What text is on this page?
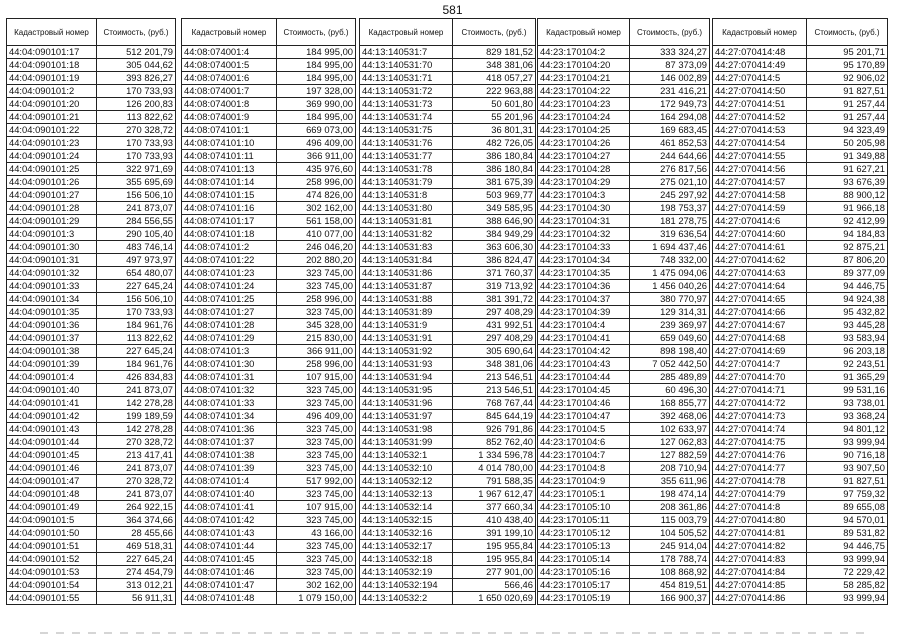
581
Кадастровый номер	Стоимость, (руб.)
44:04:090101:17	512 201,79
44:04:090101:18	305 044,62
44:04:090101:19	393 826,27
44:04:090101:2	170 733,93
44:04:090101:20	126 200,83
44:04:090101:21	113 822,62
44:04:090101:22	270 328,72
44:04:090101:23	170 733,93
44:04:090101:24	170 733,93
44:04:090101:25	322 971,69
44:04:090101:26	355 695,69
44:04:090101:27	156 506,10
44:04:090101:28	241 873,07
44:04:090101:29	284 556,55
44:04:090101:3	290 105,40
44:04:090101:30	483 746,14
44:04:090101:31	497 973,97
44:04:090101:32	654 480,07
44:04:090101:33	227 645,24
44:04:090101:34	156 506,10
44:04:090101:35	170 733,93
44:04:090101:36	184 961,76
44:04:090101:37	113 822,62
44:04:090101:38	227 645,24
44:04:090101:39	184 961,76
44:04:090101:4	426 834,83
44:04:090101:40	241 873,07
44:04:090101:41	142 278,28
44:04:090101:42	199 189,59
44:04:090101:43	142 278,28
44:04:090101:44	270 328,72
44:04:090101:45	213 417,41
44:04:090101:46	241 873,07
44:04:090101:47	270 328,72
44:04:090101:48	241 873,07
44:04:090101:49	264 922,15
44:04:090101:5	364 374,66
44:04:090101:50	28 455,66
44:04:090101:51	469 518,31
44:04:090101:52	227 645,24
44:04:090101:53	274 454,79
44:04:090101:54	313 012,21
44:04:090101:55	56 911,31
Кадастровый номер	Стоимость, (руб.)
44:08:074001:4	184 995,00
44:08:074001:5	184 995,00
44:08:074001:6	184 995,00
44:08:074001:7	197 328,00
44:08:074001:8	369 990,00
44:08:074001:9	184 995,00
44:08:074101:1	669 073,00
44:08:074101:10	496 409,00
44:08:074101:11	366 911,00
44:08:074101:13	435 976,60
44:08:074101:14	258 996,00
44:08:074101:15	474 826,00
44:08:074101:16	302 162,00
44:08:074101:17	561 158,00
44:08:074101:18	410 077,00
44:08:074101:2	246 046,20
44:08:074101:22	202 880,20
44:08:074101:23	323 745,00
44:08:074101:24	323 745,00
44:08:074101:25	258 996,00
44:08:074101:27	323 745,00
44:08:074101:28	345 328,00
44:08:074101:29	215 830,00
44:08:074101:3	366 911,00
44:08:074101:30	258 996,00
44:08:074101:31	107 915,00
44:08:074101:32	323 745,00
44:08:074101:33	323 745,00
44:08:074101:34	496 409,00
44:08:074101:36	323 745,00
44:08:074101:37	323 745,00
44:08:074101:38	323 745,00
44:08:074101:39	323 745,00
44:08:074101:4	517 992,00
44:08:074101:40	323 745,00
44:08:074101:41	107 915,00
44:08:074101:42	323 745,00
44:08:074101:43	43 166,00
44:08:074101:44	323 745,00
44:08:074101:45	323 745,00
44:08:074101:46	323 745,00
44:08:074101:47	302 162,00
44:08:074101:48	1 079 150,00
Кадастровый номер	Стоимость, (руб.)
44:13:140531:7	829 181,52
44:13:140531:70	348 381,06
44:13:140531:71	418 057,27
44:13:140531:72	222 963,88
44:13:140531:73	50 601,80
44:13:140531:74	55 201,96
44:13:140531:75	36 801,31
44:13:140531:76	482 726,05
44:13:140531:77	386 180,84
44:13:140531:78	386 180,84
44:13:140531:79	381 675,39
44:13:140531:8	503 969,77
44:13:140531:80	349 585,95
44:13:140531:81	388 646,90
44:13:140531:82	384 949,29
44:13:140531:83	363 606,30
44:13:140531:84	386 824,47
44:13:140531:86	371 760,37
44:13:140531:87	319 713,92
44:13:140531:88	381 391,72
44:13:140531:89	297 408,29
44:13:140531:9	431 992,51
44:13:140531:91	297 408,29
44:13:140531:92	305 690,64
44:13:140531:93	348 381,06
44:13:140531:94	213 546,51
44:13:140531:95	213 546,51
44:13:140531:96	768 767,44
44:13:140531:97	845 644,19
44:13:140531:98	926 791,86
44:13:140531:99	852 762,40
44:13:140532:1	1 334 596,78
44:13:140532:10	4 014 780,00
44:13:140532:12	791 588,35
44:13:140532:13	1 967 612,47
44:13:140532:14	377 660,34
44:13:140532:15	410 438,40
44:13:140532:16	391 199,10
44:13:140532:17	195 955,84
44:13:140532:18	195 955,84
44:13:140532:19	277 901,00
44:13:140532:194	566,46
44:13:140532:2	1 650 020,69
Кадастровый номер	Стоимость, (руб.)
44:23:170104:2	333 324,27
44:23:170104:20	87 373,09
44:23:170104:21	146 002,89
44:23:170104:22	231 416,21
44:23:170104:23	172 949,73
44:23:170104:24	164 294,08
44:23:170104:25	169 683,45
44:23:170104:26	461 852,53
44:23:170104:27	244 644,66
44:23:170104:28	276 817,56
44:23:170104:29	275 021,10
44:23:170104:3	245 297,92
44:23:170104:30	198 753,37
44:23:170104:31	181 278,75
44:23:170104:32	319 636,54
44:23:170104:33	1 694 437,46
44:23:170104:34	748 332,00
44:23:170104:35	1 475 094,06
44:23:170104:36	1 456 040,26
44:23:170104:37	380 770,97
44:23:170104:39	129 314,31
44:23:170104:4	239 369,97
44:23:170104:41	659 049,60
44:23:170104:42	898 198,40
44:23:170104:43	7 052 442,50
44:23:170104:44	285 489,89
44:23:170104:45	60 496,30
44:23:170104:46	168 855,77
44:23:170104:47	392 468,06
44:23:170104:5	102 633,97
44:23:170104:6	127 062,83
44:23:170104:7	127 882,59
44:23:170104:8	208 710,94
44:23:170104:9	355 611,96
44:23:170105:1	198 474,14
44:23:170105:10	208 361,86
44:23:170105:11	115 003,79
44:23:170105:12	104 505,52
44:23:170105:13	245 914,04
44:23:170105:14	178 788,74
44:23:170105:16	108 868,92
44:23:170105:17	454 819,51
44:23:170105:19	166 900,37
Кадастровый номер	Стоимость, (руб.)
44:27:070414:48	95 201,71
44:27:070414:49	95 170,89
44:27:070414:5	92 906,02
44:27:070414:50	91 827,51
44:27:070414:51	91 257,44
44:27:070414:52	91 257,44
44:27:070414:53	94 323,49
44:27:070414:54	50 205,98
44:27:070414:55	91 349,88
44:27:070414:56	91 627,21
44:27:070414:57	93 676,39
44:27:070414:58	88 900,12
44:27:070414:59	91 966,18
44:27:070414:6	92 412,99
44:27:070414:60	94 184,83
44:27:070414:61	92 875,21
44:27:070414:62	87 806,20
44:27:070414:63	89 377,09
44:27:070414:64	94 446,75
44:27:070414:65	94 924,38
44:27:070414:66	95 432,82
44:27:070414:67	93 445,28
44:27:070414:68	93 583,94
44:27:070414:69	96 203,18
44:27:070414:7	92 243,51
44:27:070414:70	91 365,29
44:27:070414:71	99 531,16
44:27:070414:72	93 738,01
44:27:070414:73	93 368,24
44:27:070414:74	94 801,12
44:27:070414:75	93 999,94
44:27:070414:76	90 716,18
44:27:070414:77	93 907,50
44:27:070414:78	91 827,51
44:27:070414:79	97 759,32
44:27:070414:8	89 655,08
44:27:070414:80	94 570,01
44:27:070414:81	89 531,82
44:27:070414:82	94 446,75
44:27:070414:83	93 999,94
44:27:070414:84	72 229,42
44:27:070414:85	58 285,82
44:27:070414:86	93 999,94
